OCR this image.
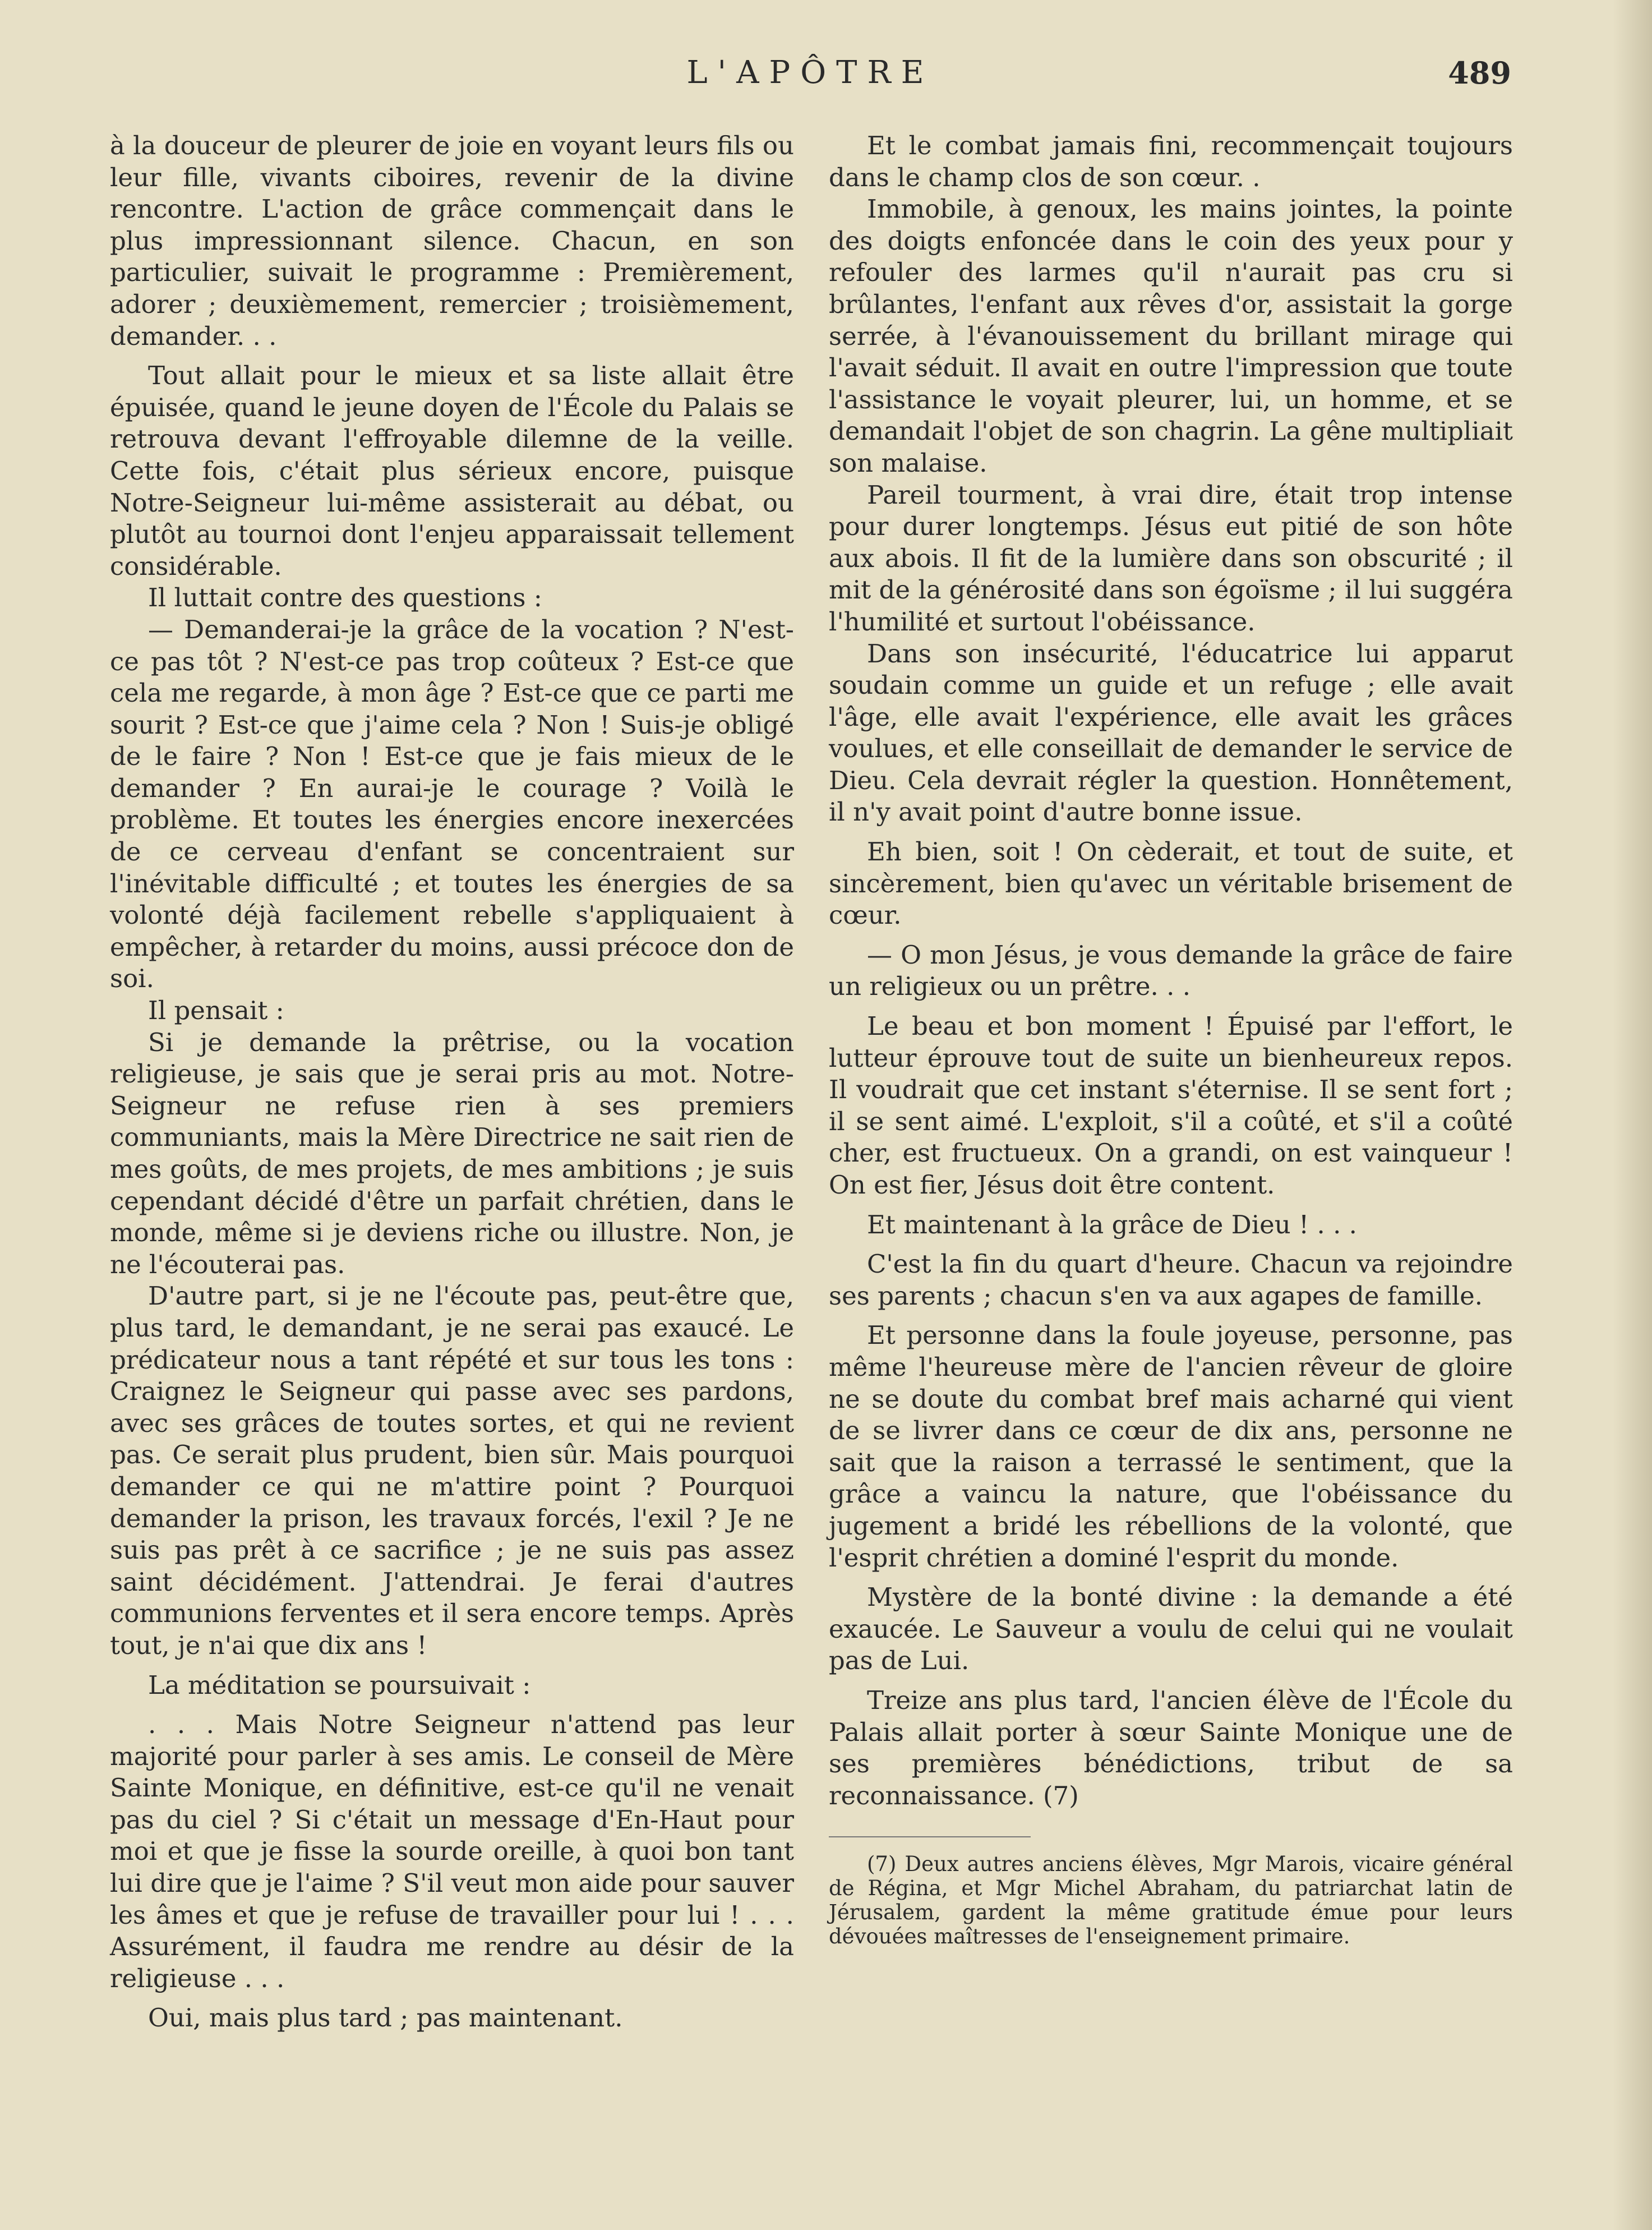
L'APÔTRE	489

à la douceur de pleurer de joie en voyant leurs fils ou leur fille, vivants ciboires, revenir de la divine rencontre. L'action de grâce commençait dans le plus impressionnant silence. Chacun, en son particulier, suivait le programme : Premièrement, adorer ; deuxièmement, remercier ; troisièmement, demander. . .

Tout allait pour le mieux et sa liste allait être épuisée, quand le jeune doyen de l'École du Palais se retrouva devant l'effroyable dilemne de la veille. Cette fois, c'était plus sérieux encore, puisque Notre-Seigneur lui-même assisterait au débat, ou plutôt au tournoi dont l'enjeu apparaissait tellement considérable.

Il luttait contre des questions :

— Demanderai-je la grâce de la vocation ? N'est-ce pas tôt ? N'est-ce pas trop coûteux ? Est-ce que cela me regarde, à mon âge ? Est-ce que ce parti me sourit ? Est-ce que j'aime cela ? Non ! Suis-je obligé de le faire ? Non ! Est-ce que je fais mieux de le demander ? En aurai-je le courage ? Voilà le problème. Et toutes les énergies encore inexercées de ce cerveau d'enfant se concentraient sur l'inévitable difficulté ; et toutes les énergies de sa volonté déjà facilement rebelle s'appliquaient à empêcher, à retarder du moins, aussi précoce don de soi.

Il pensait :

Si je demande la prêtrise, ou la vocation religieuse, je sais que je serai pris au mot. Notre-Seigneur ne refuse rien à ses premiers communiants, mais la Mère Directrice ne sait rien de mes goûts, de mes projets, de mes ambitions ; je suis cependant décidé d'être un parfait chrétien, dans le monde, même si je deviens riche ou illustre. Non, je ne l'écouterai pas.

D'autre part, si je ne l'écoute pas, peut-être que, plus tard, le demandant, je ne serai pas exaucé. Le prédicateur nous a tant répété et sur tous les tons : Craignez le Seigneur qui passe avec ses pardons, avec ses grâces de toutes sortes, et qui ne revient pas. Ce serait plus prudent, bien sûr. Mais pourquoi demander ce qui ne m'attire point ? Pourquoi demander la prison, les travaux forcés, l'exil ? Je ne suis pas prêt à ce sacrifice ; je ne suis pas assez saint décidément. J'attendrai. Je ferai d'autres communions ferventes et il sera encore temps. Après tout, je n'ai que dix ans !

La méditation se poursuivait :

. . . Mais Notre Seigneur n'attend pas leur majorité pour parler à ses amis. Le conseil de Mère Sainte Monique, en définitive, est-ce qu'il ne venait pas du ciel ? Si c'était un message d'En-Haut pour moi et que je fisse la sourde oreille, à quoi bon tant lui dire que je l'aime ? S'il veut mon aide pour sauver les âmes et que je refuse de travailler pour lui ! . . . Assurément, il faudra me rendre au désir de la religieuse . . .

Oui, mais plus tard ; pas maintenant.

Et le combat jamais fini, recommençait toujours dans le champ clos de son cœur. .

Immobile, à genoux, les mains jointes, la pointe des doigts enfoncée dans le coin des yeux pour y refouler des larmes qu'il n'aurait pas cru si brûlantes, l'enfant aux rêves d'or, assistait la gorge serrée, à l'évanouissement du brillant mirage qui l'avait séduit. Il avait en outre l'impression que toute l'assistance le voyait pleurer, lui, un homme, et se demandait l'objet de son chagrin. La gêne multipliait son malaise.

Pareil tourment, à vrai dire, était trop intense pour durer longtemps. Jésus eut pitié de son hôte aux abois. Il fit de la lumière dans son obscurité ; il mit de la générosité dans son égoïsme ; il lui suggéra l'humilité et surtout l'obéissance.

Dans son insécurité, l'éducatrice lui apparut soudain comme un guide et un refuge ; elle avait l'âge, elle avait l'expérience, elle avait les grâces voulues, et elle conseillait de demander le service de Dieu. Cela devrait régler la question. Honnêtement, il n'y avait point d'autre bonne issue.

Eh bien, soit ! On cèderait, et tout de suite, et sincèrement, bien qu'avec un véritable brisement de cœur.

— O mon Jésus, je vous demande la grâce de faire un religieux ou un prêtre. . .

Le beau et bon moment ! Épuisé par l'effort, le lutteur éprouve tout de suite un bienheureux repos. Il voudrait que cet instant s'éternise. Il se sent fort ; il se sent aimé. L'exploit, s'il a coûté, et s'il a coûté cher, est fructueux. On a grandi, on est vainqueur ! On est fier, Jésus doit être content.

Et maintenant à la grâce de Dieu ! . . .

C'est la fin du quart d'heure. Chacun va rejoindre ses parents ; chacun s'en va aux agapes de famille.

Et personne dans la foule joyeuse, personne, pas même l'heureuse mère de l'ancien rêveur de gloire ne se doute du combat bref mais acharné qui vient de se livrer dans ce cœur de dix ans, personne ne sait que la raison a terrassé le sentiment, que la grâce a vaincu la nature, que l'obéissance du jugement a bridé les rébellions de la volonté, que l'esprit chrétien a dominé l'esprit du monde.

Mystère de la bonté divine : la demande a été exaucée. Le Sauveur a voulu de celui qui ne voulait pas de Lui.

Treize ans plus tard, l'ancien élève de l'École du Palais allait porter à sœur Sainte Monique une de ses premières bénédictions, tribut de sa reconnaissance. (7)

(7) Deux autres anciens élèves, Mgr Marois, vicaire général de Régina, et Mgr Michel Abraham, du patriarchat latin de Jérusalem, gardent la même gratitude émue pour leurs dévouées maîtresses de l'enseignement primaire.
